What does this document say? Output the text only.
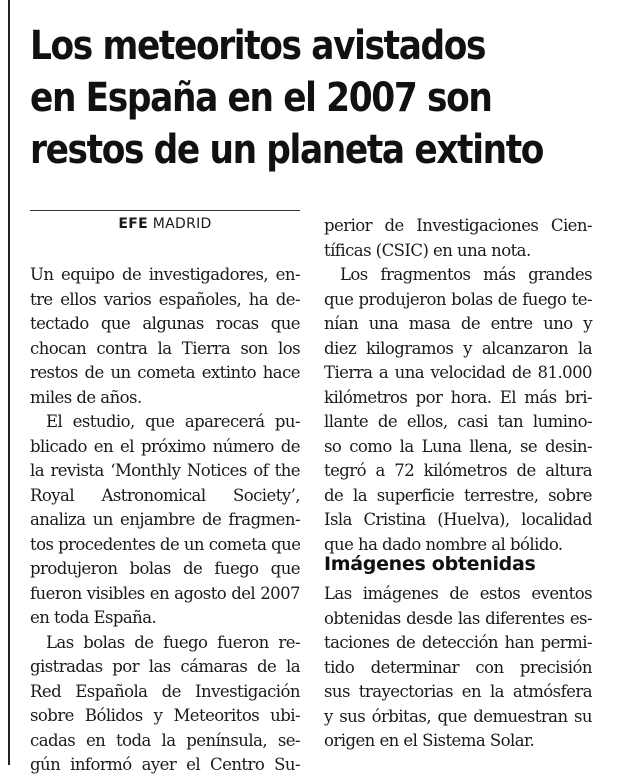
Los meteoritos avistados
en España en el 2007 son
restos de un planeta extinto
EFE MADRID
Un equipo de investigadores, en-
tre ellos varios españoles, ha de-
tectado que algunas rocas que
chocan contra la Tierra son los
restos de un cometa extinto hace
miles de años.
El estudio, que aparecerá pu-
blicado en el próximo número de
la revista ‘Monthly Notices of the
Royal Astronomical Society’,
analiza un enjambre de fragmen-
tos procedentes de un cometa que
produjeron bolas de fuego que
fueron visibles en agosto del 2007
en toda España.
Las bolas de fuego fueron re-
gistradas por las cámaras de la
Red Española de Investigación
sobre Bólidos y Meteoritos ubi-
cadas en toda la península, se-
gún informó ayer el Centro Su-
perior de Investigaciones Cien-
tíficas (CSIC) en una nota.
Los fragmentos más grandes
que produjeron bolas de fuego te-
nían una masa de entre uno y
diez kilogramos y alcanzaron la
Tierra a una velocidad de 81.000
kilómetros por hora. El más bri-
llante de ellos, casi tan lumino-
so como la Luna llena, se desin-
tegró a 72 kilómetros de altura
de la superficie terrestre, sobre
Isla Cristina (Huelva), localidad
que ha dado nombre al bólido.
Imágenes obtenidas
Las imágenes de estos eventos
obtenidas desde las diferentes es-
taciones de detección han permi-
tido determinar con precisión
sus trayectorias en la atmósfera
y sus órbitas, que demuestran su
origen en el Sistema Solar.
